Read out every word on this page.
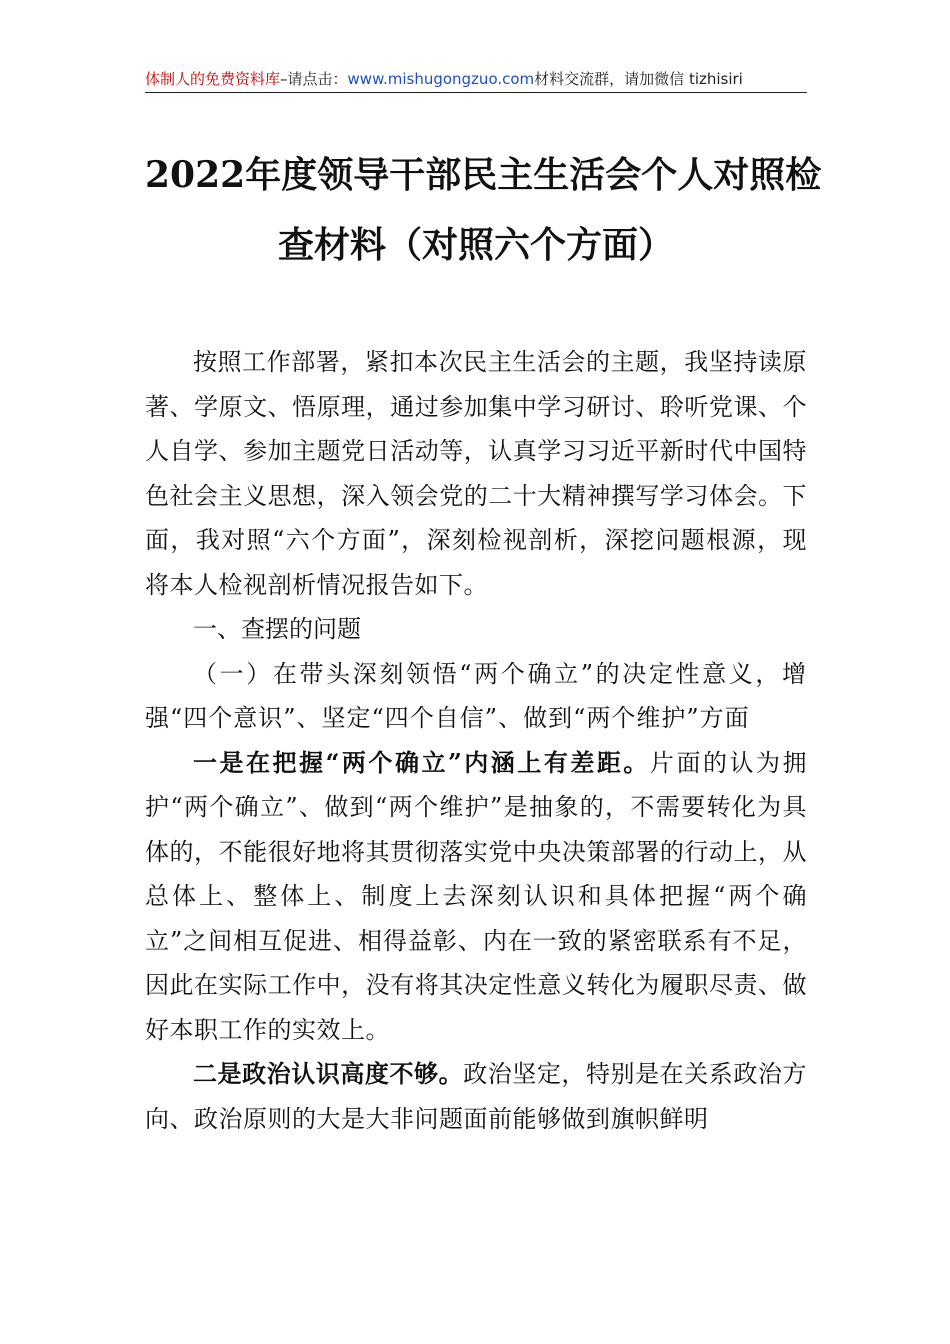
体制人的免费资料库–请点击：www.mishugongzuo.com材料交流群，请加微信 tizhisiri
2022年度领导干部民主生活会个人对照检
查材料（对照六个方面）

按照工作部署，紧扣本次民主生活会的主题，我坚持读原著、学原文、悟原理，通过参加集中学习研讨、聆听党课、个人自学、参加主题党日活动等，认真学习习近平新时代中国特色社会主义思想，深入领会党的二十大精神撰写学习体会。下面，我对照“六个方面”，深刻检视剖析，深挖问题根源，现将本人检视剖析情况报告如下。

一、查摆的问题

（一）在带头深刻领悟“两个确立”的决定性意义，增强“四个意识”、坚定“四个自信”、做到“两个维护”方面

一是在把握“两个确立”内涵上有差距。片面的认为拥护“两个确立”、做到“两个维护”是抽象的，不需要转化为具体的，不能很好地将其贯彻落实党中央决策部署的行动上，从总体上、整体上、制度上去深刻认识和具体把握“两个确立”之间相互促进、相得益彰、内在一致的紧密联系有不足，因此在实际工作中，没有将其决定性意义转化为履职尽责、做好本职工作的实效上。

二是政治认识高度不够。政治坚定，特别是在关系政治方向、政治原则的大是大非问题面前能够做到旗帜鲜明
